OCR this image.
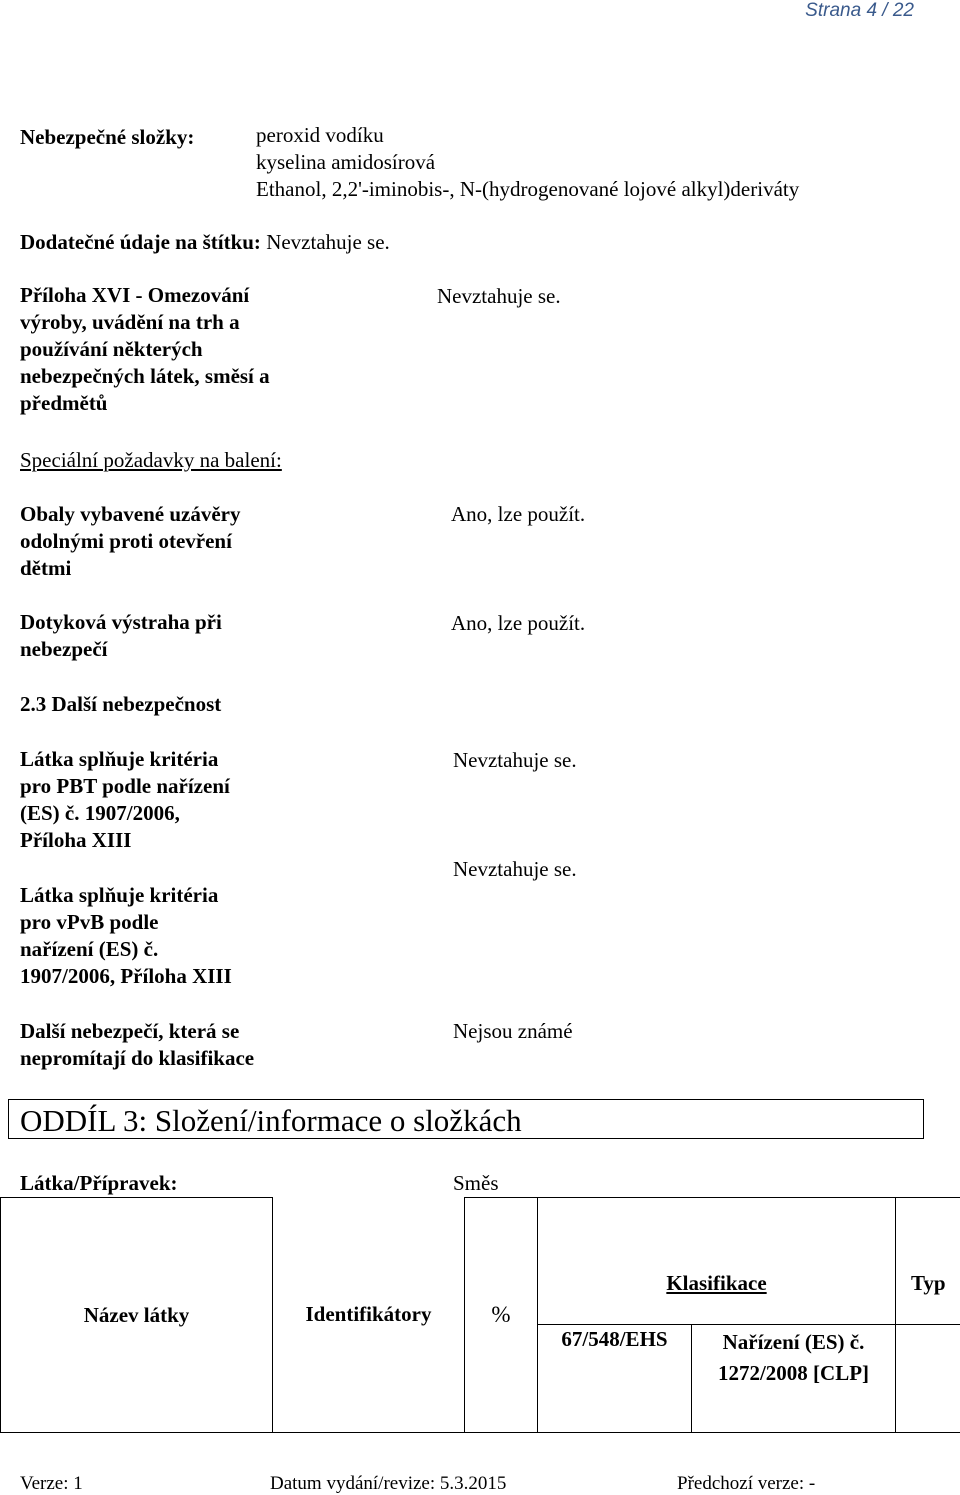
Strana 4 / 22
Nebezpečné složky:	peroxid vodíku
kyselina amidosírová
Ethanol, 2,2'-iminobis-, N-(hydrogenované lojové alkyl)deriváty
Dodatečné údaje na štítku: Nevztahuje se.
Příloha XVI - Omezování
výroby, uvádění na trh a
používání některých
nebezpečných látek, směsí a
předmětů
Nevztahuje se.
Speciální požadavky na balení:
Obaly vybavené uzávěry
odolnými proti otevření
dětmi
Ano, lze použít.
Dotyková výstraha při
nebezpečí
Ano, lze použít.
2.3 Další nebezpečnost
Látka splňuje kritéria
pro PBT podle nařízení
(ES) č. 1907/2006,
Příloha XIII
Nevztahuje se.
Látka splňuje kritéria
pro vPvB podle
nařízení (ES) č.
1907/2006, Příloha XIII
Nevztahuje se.
Další nebezpečí, která se
nepromítají do klasifikace
Nejsou známé
ODDÍL 3: Složení/informace o složkách
Látka/Přípravek:	Směs
Název látky	Identifikátory	%	Klasifikace		Typ
			67/548/EHS	Nařízení (ES) č.
1272/2008 [CLP]	

Verze: 1	Datum vydání/revize: 5.3.2015	Předchozí verze: -
